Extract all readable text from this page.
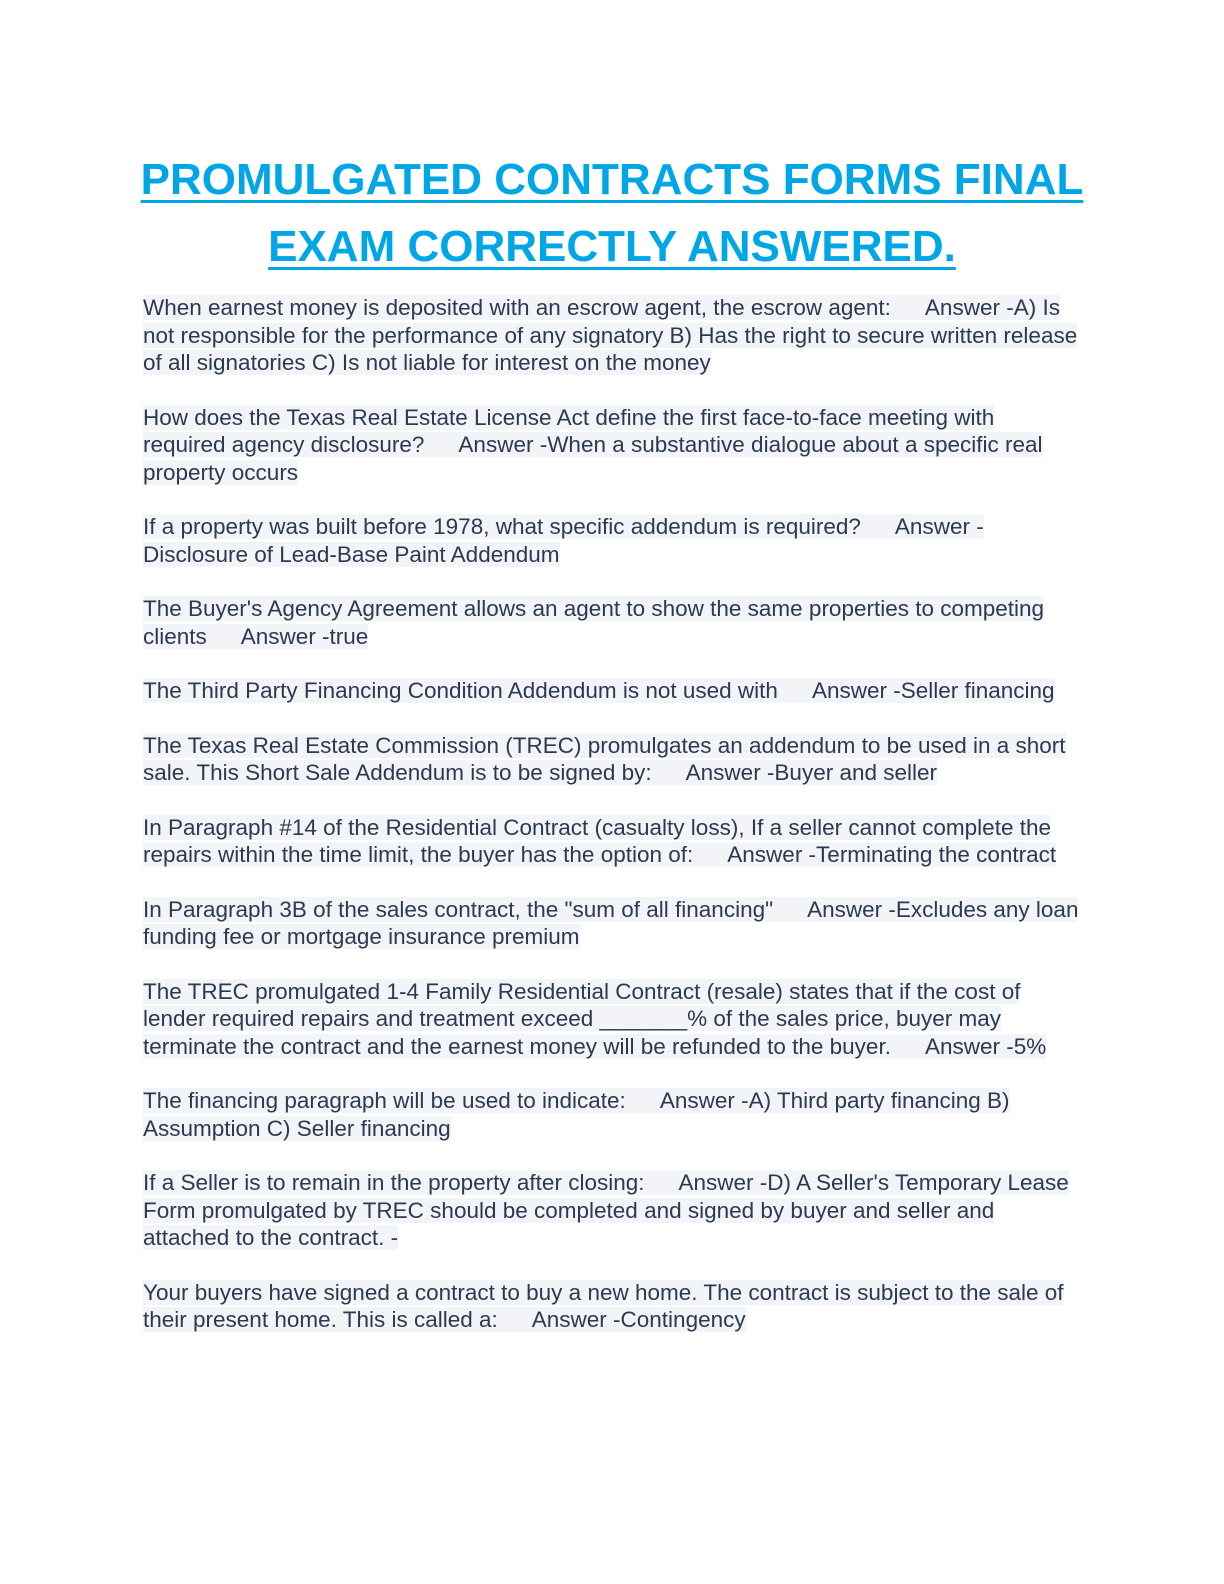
PROMULGATED CONTRACTS FORMS FINAL
EXAM CORRECTLY ANSWERED.

When earnest money is deposited with an escrow agent, the escrow agent: Answer -A) Is not responsible for the performance of any signatory B) Has the right to secure written release of all signatories C) Is not liable for interest on the money

How does the Texas Real Estate License Act define the first face-to-face meeting with required agency disclosure? Answer -When a substantive dialogue about a specific real property occurs

If a property was built before 1978, what specific addendum is required? Answer -Disclosure of Lead-Base Paint Addendum

The Buyer's Agency Agreement allows an agent to show the same properties to competing clients Answer -true

The Third Party Financing Condition Addendum is not used with Answer -Seller financing

The Texas Real Estate Commission (TREC) promulgates an addendum to be used in a short sale. This Short Sale Addendum is to be signed by: Answer -Buyer and seller

In Paragraph #14 of the Residential Contract (casualty loss), If a seller cannot complete the repairs within the time limit, the buyer has the option of: Answer -Terminating the contract

In Paragraph 3B of the sales contract, the "sum of all financing" Answer -Excludes any loan funding fee or mortgage insurance premium

The TREC promulgated 1-4 Family Residential Contract (resale) states that if the cost of lender required repairs and treatment exceed _______% of the sales price, buyer may terminate the contract and the earnest money will be refunded to the buyer. Answer -5%

The financing paragraph will be used to indicate: Answer -A) Third party financing B) Assumption C) Seller financing

If a Seller is to remain in the property after closing: Answer -D) A Seller's Temporary Lease Form promulgated by TREC should be completed and signed by buyer and seller and attached to the contract. -

Your buyers have signed a contract to buy a new home. The contract is subject to the sale of their present home. This is called a: Answer -Contingency
